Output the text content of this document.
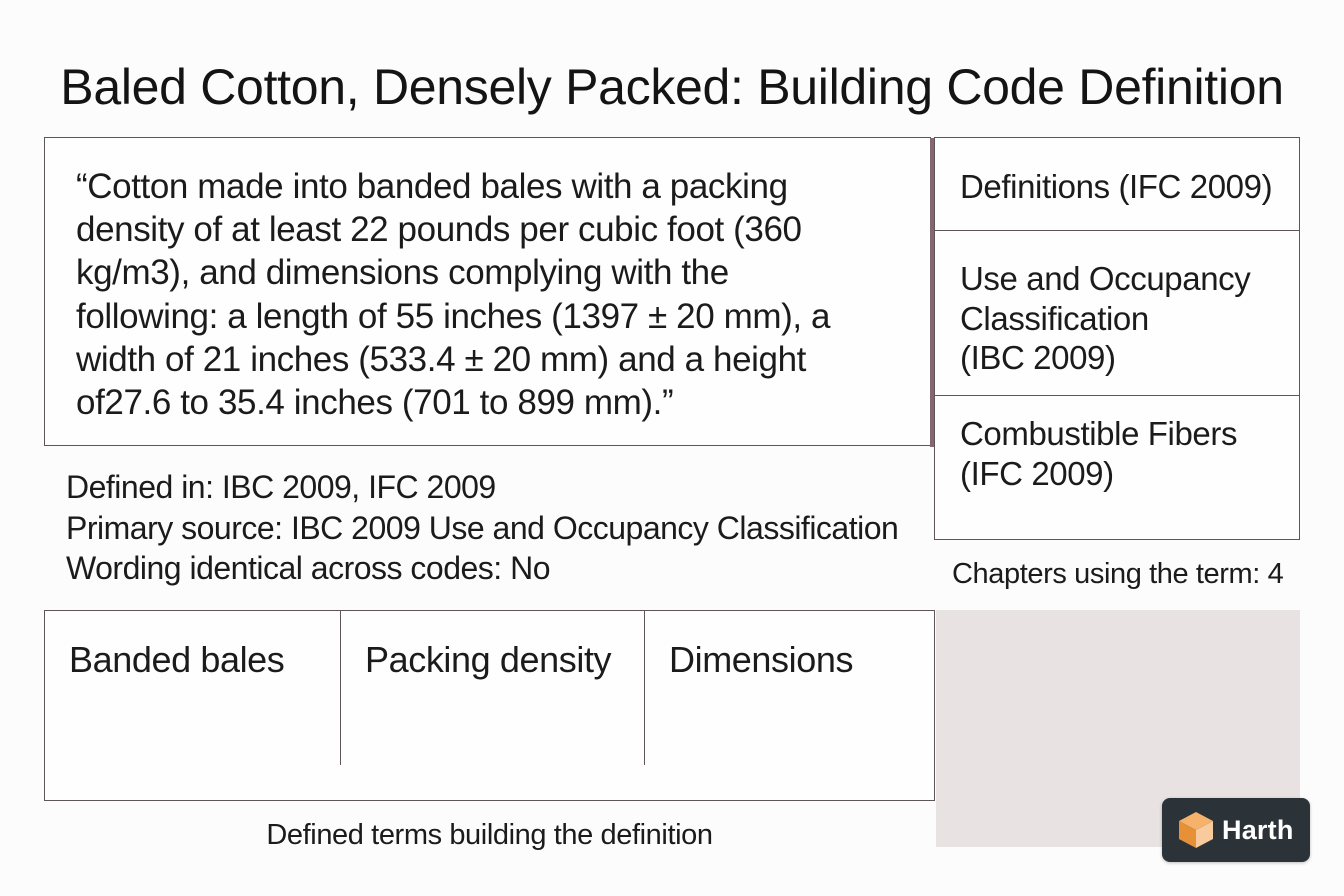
Baled Cotton, Densely Packed: Building Code Definition

“Cotton made into banded bales with a packing
density of at least 22 pounds per cubic foot (360
kg/m3), and dimensions complying with the
following: a length of 55 inches (1397 ± 20 mm), a
width of 21 inches (533.4 ± 20 mm) and a height
of27.6 to 35.4 inches (701 to 899 mm).”

Definitions (IFC 2009)
Use and Occupancy
Classification
(IBC 2009)
Combustible Fibers
(IFC 2009)
Defined in: IBC 2009, IFC 2009
Primary source: IBC 2009 Use and Occupancy Classification
Wording identical across codes: No	Chapters using the term: 4
Banded bales Packing density Dimensions
Defined terms building the definition	Harth
